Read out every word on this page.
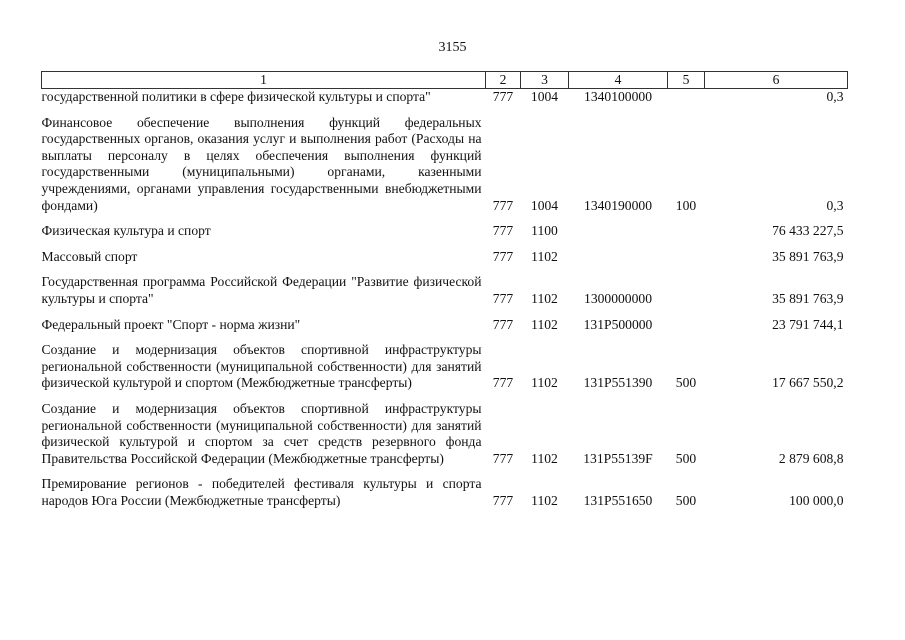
3155
1	2	3	4	5	6
государственной политики в сфере физической культуры и спорта"	777	1004	1340100000		0,3

Финансовое обеспечение выполнения функций федеральных государственных органов, оказания услуг и выполнения работ (Расходы на выплаты персоналу в целях обеспечения выполнения функций государственными (муниципальными) органами, казенными учреждениями, органами управления государственными внебюджетными фондами)	777	1004	1340190000	100	0,3

Физическая культура и спорт	777	1100			76 433 227,5

Массовый спорт	777	1102			35 891 763,9

Государственная программа Российской Федерации "Развитие физической культуры и спорта"	777	1102	1300000000		35 891 763,9

Федеральный проект "Спорт - норма жизни"	777	1102	131P500000		23 791 744,1

Создание и модернизация объектов спортивной инфраструктуры региональной собственности (муниципальной собственности) для занятий физической культурой и спортом (Межбюджетные трансферты)	777	1102	131P551390	500	17 667 550,2

Создание и модернизация объектов спортивной инфраструктуры региональной собственности (муниципальной собственности) для занятий физической культурой и спортом за счет средств резервного фонда Правительства Российской Федерации (Межбюджетные трансферты)	777	1102	131P55139F	500	2 879 608,8

Премирование регионов - победителей фестиваля культуры и спорта народов Юга России (Межбюджетные трансферты)	777	1102	131P551650	500	100 000,0
